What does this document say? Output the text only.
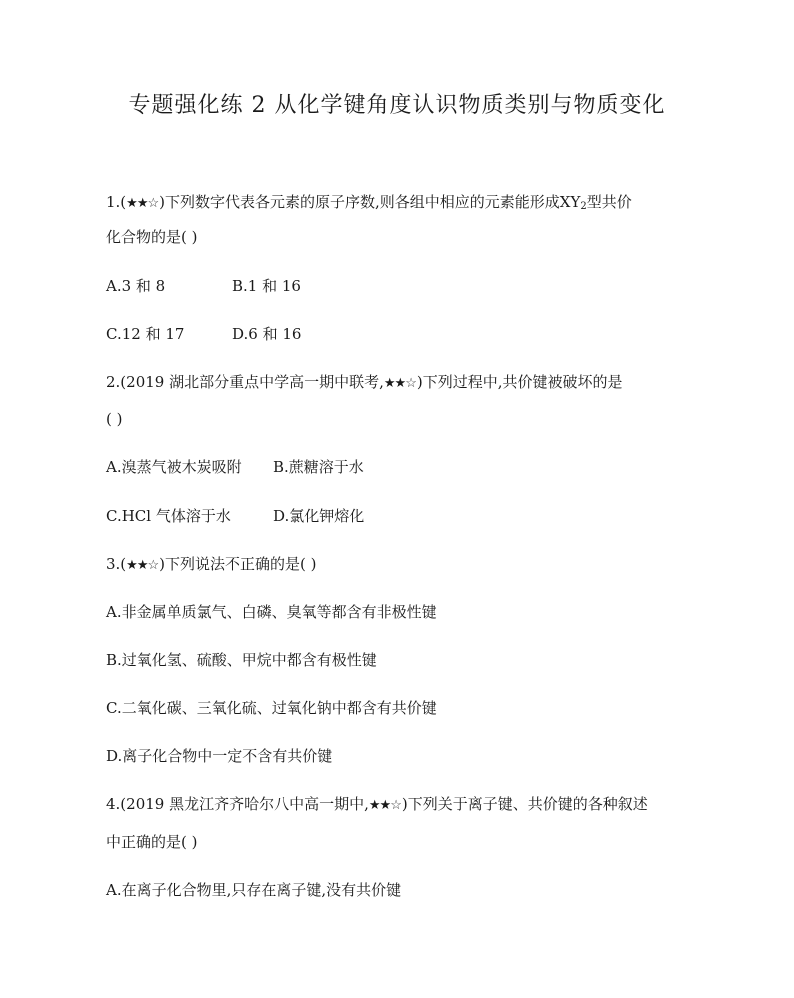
专题强化练 2 从化学键角度认识物质类别与物质变化
1.(★★☆)下列数字代表各元素的原子序数,则各组中相应的元素能形成$XY_2$型共价
化合物的是( )
A.3 和 8	B.1 和 16
C.12 和 17	D.6 和 16
2.(2019 湖北部分重点中学高一期中联考,★★☆)下列过程中,共价键被破坏的是
( )
A.溴蒸气被木炭吸附 B.蔗糖溶于水
C.HCl 气体溶于水	D.氯化钾熔化
3.(★★☆)下列说法不正确的是( )
A.非金属单质氯气、白磷、臭氧等都含有非极性键
B.过氧化氢、硫酸、甲烷中都含有极性键
C.二氧化碳、三氧化硫、过氧化钠中都含有共价键
D.离子化合物中一定不含有共价键
4.(2019 黑龙江齐齐哈尔八中高一期中,★★☆)下列关于离子键、共价键的各种叙述
中正确的是( )
A.在离子化合物里,只存在离子键,没有共价键
